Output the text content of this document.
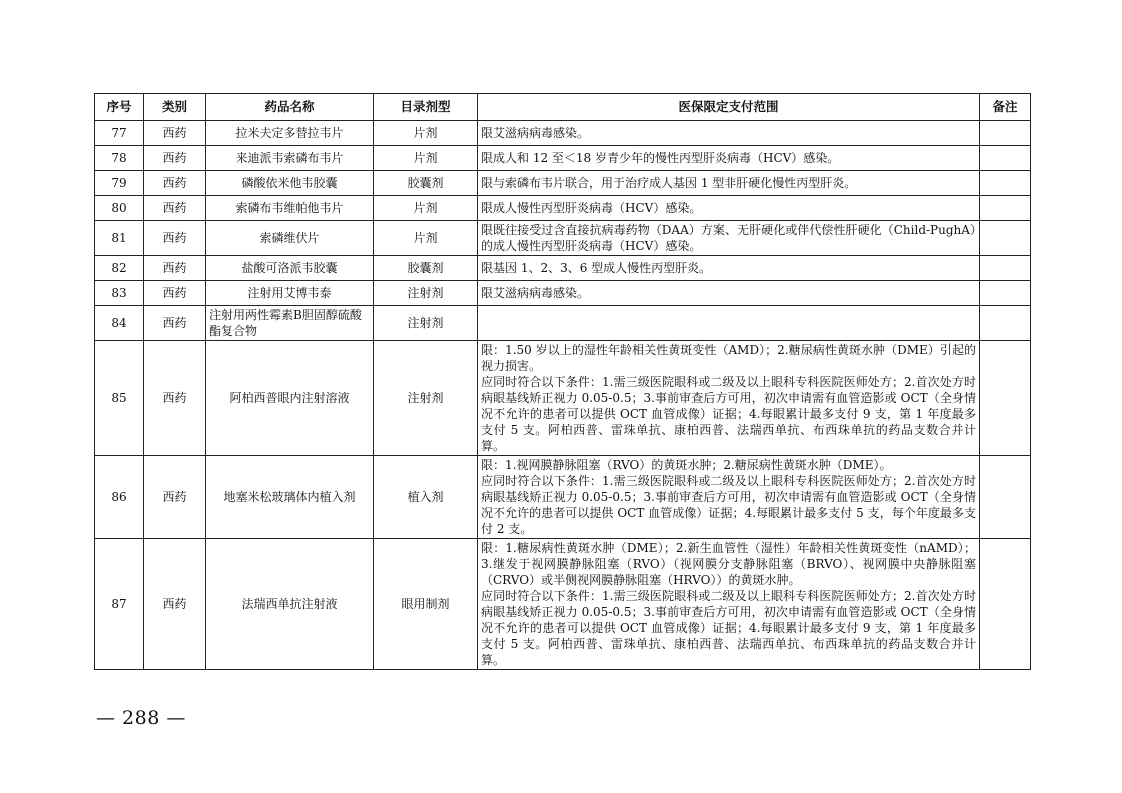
序号	类别	药品名称	目录剂型	医保限定支付范围	备注
77	西药	拉米夫定多替拉韦片	片剂	限艾滋病病毒感染。	

78	西药	来迪派韦索磷布韦片	片剂	限成人和 12 至＜18 岁青少年的慢性丙型肝炎病毒（HCV）感染。	

79	西药	磷酸依米他韦胶囊	胶囊剂	限与索磷布韦片联合，用于治疗成人基因 1 型非肝硬化慢性丙型肝炎。	

80	西药	索磷布韦维帕他韦片	片剂	限成人慢性丙型肝炎病毒（HCV）感染。	

81	西药	索磷维伏片	片剂	限既往接受过含直接抗病毒药物（DAA）方案、无肝硬化或伴代偿性肝硬化（Child-PughA）的成人慢性丙型肝炎病毒（HCV）感染。	

82	西药	盐酸可洛派韦胶囊	胶囊剂	限基因 1、2、3、6 型成人慢性丙型肝炎。	

83	西药	注射用艾博韦泰	注射剂	限艾滋病病毒感染。	

84	西药	注射用两性霉素B胆固醇硫酸酯复合物	注射剂		
85	西药	阿柏西普眼内注射溶液	注射剂	限：1.50 岁以上的湿性年龄相关性黄斑变性（AMD）；2.糖尿病性黄斑水肿（DME）引起的视力损害。

应同时符合以下条件：1.需三级医院眼科或二级及以上眼科专科医院医师处方；2.首次处方时病眼基线矫正视力 0.05-0.5；3.事前审查后方可用，初次申请需有血管造影或 OCT（全身情况不允许的患者可以提供 OCT 血管成像）证据；4.每眼累计最多支付 9 支，第 1 年度最多支付 5 支。阿柏西普、雷珠单抗、康柏西普、法瑞西单抗、布西珠单抗的药品支数合并计算。	

86	西药	地塞米松玻璃体内植入剂	植入剂	限：1.视网膜静脉阻塞（RVO）的黄斑水肿；2.糖尿病性黄斑水肿（DME）。

应同时符合以下条件：1.需三级医院眼科或二级及以上眼科专科医院医师处方；2.首次处方时病眼基线矫正视力 0.05-0.5；3.事前审查后方可用，初次申请需有血管造影或 OCT（全身情况不允许的患者可以提供 OCT 血管成像）证据；4.每眼累计最多支付 5 支，每个年度最多支付 2 支。	

87	西药	法瑞西单抗注射液	眼用制剂	限：1.糖尿病性黄斑水肿（DME）；2.新生血管性（湿性）年龄相关性黄斑变性（nAMD）；3.继发于视网膜静脉阻塞（RVO）（视网膜分支静脉阻塞（BRVO）、视网膜中央静脉阻塞（CRVO）或半侧视网膜静脉阻塞（HRVO））的黄斑水肿。

应同时符合以下条件：1.需三级医院眼科或二级及以上眼科专科医院医师处方；2.首次处方时病眼基线矫正视力 0.05-0.5；3.事前审查后方可用，初次申请需有血管造影或 OCT（全身情况不允许的患者可以提供 OCT 血管成像）证据；4.每眼累计最多支付 9 支，第 1 年度最多支付 5 支。阿柏西普、雷珠单抗、康柏西普、法瑞西单抗、布西珠单抗的药品支数合并计算。	

— 288 —
